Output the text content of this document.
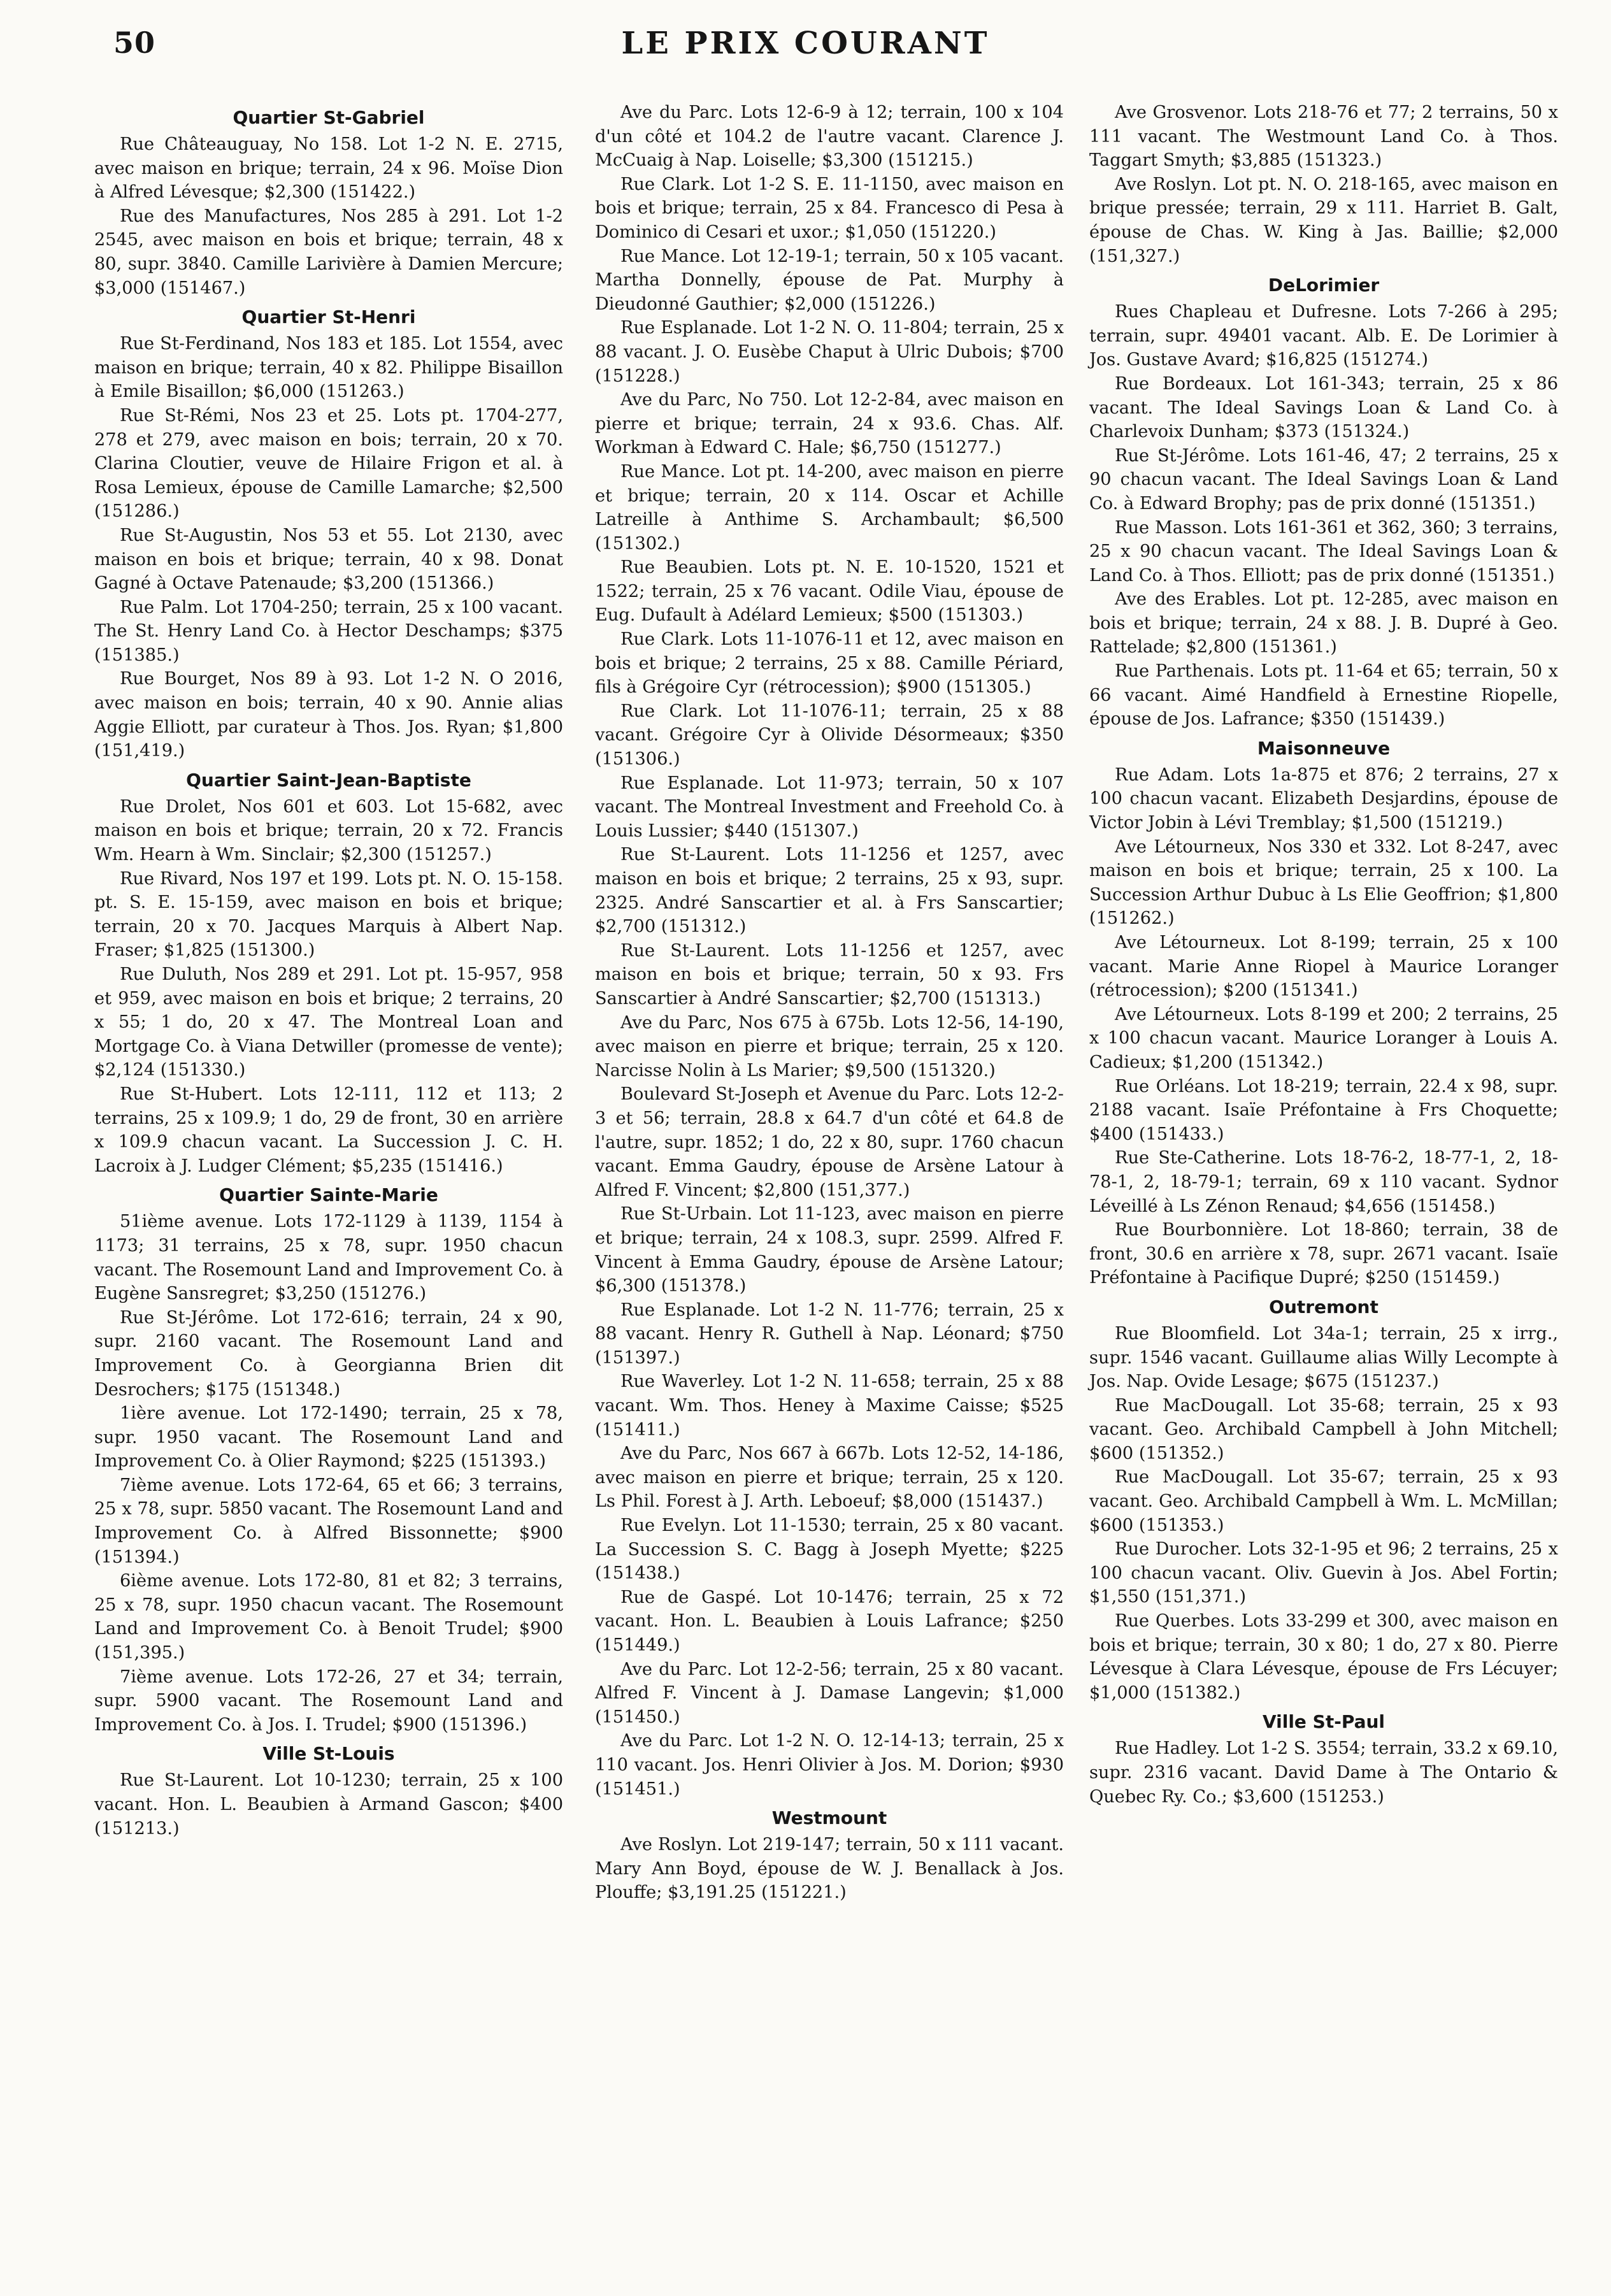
50	LE PRIX COURANT
Quartier St-Gabriel

Rue Châteauguay, No 158. Lot 1-2 N. E. 2715, avec maison en brique; terrain, 24 x 96. Moïse Dion à Alfred Lévesque; $2,300 (151422.)

Rue des Manufactures, Nos 285 à 291. Lot 1-2 2545, avec maison en bois et brique; terrain, 48 x 80, supr. 3840. Camille Larivière à Damien Mercure; $3,000 (151467.)

Quartier St-Henri

Rue St-Ferdinand, Nos 183 et 185. Lot 1554, avec maison en brique; terrain, 40 x 82. Philippe Bisaillon à Emile Bisaillon; $6,000 (151263.)

Rue St-Rémi, Nos 23 et 25. Lots pt. 1704-277, 278 et 279, avec maison en bois; terrain, 20 x 70. Clarina Cloutier, veuve de Hilaire Frigon et al. à Rosa Lemieux, épouse de Camille Lamarche; $2,500 (151286.)

Rue St-Augustin, Nos 53 et 55. Lot 2130, avec maison en bois et brique; terrain, 40 x 98. Donat Gagné à Octave Patenaude; $3,200 (151366.)

Rue Palm. Lot 1704-250; terrain, 25 x 100 vacant. The St. Henry Land Co. à Hector Deschamps; $375 (151385.)

Rue Bourget, Nos 89 à 93. Lot 1-2 N. O 2016, avec maison en bois; terrain, 40 x 90. Annie alias Aggie Elliott, par curateur à Thos. Jos. Ryan; $1,800 (151,419.)

Quartier Saint-Jean-Baptiste

Rue Drolet, Nos 601 et 603. Lot 15-682, avec maison en bois et brique; terrain, 20 x 72. Francis Wm. Hearn à Wm. Sinclair; $2,300 (151257.)

Rue Rivard, Nos 197 et 199. Lots pt. N. O. 15-158. pt. S. E. 15-159, avec maison en bois et brique; terrain, 20 x 70. Jacques Marquis à Albert Nap. Fraser; $1,825 (151300.)

Rue Duluth, Nos 289 et 291. Lot pt. 15-957, 958 et 959, avec maison en bois et brique; 2 terrains, 20 x 55; 1 do, 20 x 47. The Montreal Loan and Mortgage Co. à Viana Detwiller (promesse de vente); $2,124 (151330.)

Rue St-Hubert. Lots 12-111, 112 et 113; 2 terrains, 25 x 109.9; 1 do, 29 de front, 30 en arrière x 109.9 chacun vacant. La Succession J. C. H. Lacroix à J. Ludger Clément; $5,235 (151416.)

Quartier Sainte-Marie

51ième avenue. Lots 172-1129 à 1139, 1154 à 1173; 31 terrains, 25 x 78, supr. 1950 chacun vacant. The Rosemount Land and Improvement Co. à Eugène Sansregret; $3,250 (151276.)

Rue St-Jérôme. Lot 172-616; terrain, 24 x 90, supr. 2160 vacant. The Rosemount Land and Improvement Co. à Georgianna Brien dit Desrochers; $175 (151348.)

1ière avenue. Lot 172-1490; terrain, 25 x 78, supr. 1950 vacant. The Rosemount Land and Improvement Co. à Olier Raymond; $225 (151393.)

7ième avenue. Lots 172-64, 65 et 66; 3 terrains, 25 x 78, supr. 5850 vacant. The Rosemount Land and Improvement Co. à Alfred Bissonnette; $900 (151394.)

6ième avenue. Lots 172-80, 81 et 82; 3 terrains, 25 x 78, supr. 1950 chacun vacant. The Rosemount Land and Improvement Co. à Benoit Trudel; $900 (151,395.)

7ième avenue. Lots 172-26, 27 et 34; terrain, supr. 5900 vacant. The Rosemount Land and Improvement Co. à Jos. I. Trudel; $900 (151396.)

Ville St-Louis

Rue St-Laurent. Lot 10-1230; terrain, 25 x 100 vacant. Hon. L. Beaubien à Armand Gascon; $400 (151213.)

Ave du Parc. Lots 12-6-9 à 12; terrain, 100 x 104 d'un côté et 104.2 de l'autre vacant. Clarence J. McCuaig à Nap. Loiselle; $3,300 (151215.)

Rue Clark. Lot 1-2 S. E. 11-1150, avec maison en bois et brique; terrain, 25 x 84. Francesco di Pesa à Dominico di Cesari et uxor.; $1,050 (151220.)

Rue Mance. Lot 12-19-1; terrain, 50 x 105 vacant. Martha Donnelly, épouse de Pat. Murphy à Dieudonné Gauthier; $2,000 (151226.)

Rue Esplanade. Lot 1-2 N. O. 11-804; terrain, 25 x 88 vacant. J. O. Eusèbe Chaput à Ulric Dubois; $700 (151228.)

Ave du Parc, No 750. Lot 12-2-84, avec maison en pierre et brique; terrain, 24 x 93.6. Chas. Alf. Workman à Edward C. Hale; $6,750 (151277.)

Rue Mance. Lot pt. 14-200, avec maison en pierre et brique; terrain, 20 x 114. Oscar et Achille Latreille à Anthime S. Archambault; $6,500 (151302.)

Rue Beaubien. Lots pt. N. E. 10-1520, 1521 et 1522; terrain, 25 x 76 vacant. Odile Viau, épouse de Eug. Dufault à Adélard Lemieux; $500 (151303.)

Rue Clark. Lots 11-1076-11 et 12, avec maison en bois et brique; 2 terrains, 25 x 88. Camille Périard, fils à Grégoire Cyr (rétrocession); $900 (151305.)

Rue Clark. Lot 11-1076-11; terrain, 25 x 88 vacant. Grégoire Cyr à Olivide Désormeaux; $350 (151306.)

Rue Esplanade. Lot 11-973; terrain, 50 x 107 vacant. The Montreal Investment and Freehold Co. à Louis Lussier; $440 (151307.)

Rue St-Laurent. Lots 11-1256 et 1257, avec maison en bois et brique; 2 terrains, 25 x 93, supr. 2325. André Sanscartier et al. à Frs Sanscartier; $2,700 (151312.)

Rue St-Laurent. Lots 11-1256 et 1257, avec maison en bois et brique; terrain, 50 x 93. Frs Sanscartier à André Sanscartier; $2,700 (151313.)

Ave du Parc, Nos 675 à 675b. Lots 12-56, 14-190, avec maison en pierre et brique; terrain, 25 x 120. Narcisse Nolin à Ls Marier; $9,500 (151320.)

Boulevard St-Joseph et Avenue du Parc. Lots 12-2-3 et 56; terrain, 28.8 x 64.7 d'un côté et 64.8 de l'autre, supr. 1852; 1 do, 22 x 80, supr. 1760 chacun vacant. Emma Gaudry, épouse de Arsène Latour à Alfred F. Vincent; $2,800 (151,377.)

Rue St-Urbain. Lot 11-123, avec maison en pierre et brique; terrain, 24 x 108.3, supr. 2599. Alfred F. Vincent à Emma Gaudry, épouse de Arsène Latour; $6,300 (151378.)

Rue Esplanade. Lot 1-2 N. 11-776; terrain, 25 x 88 vacant. Henry R. Guthell à Nap. Léonard; $750 (151397.)

Rue Waverley. Lot 1-2 N. 11-658; terrain, 25 x 88 vacant. Wm. Thos. Heney à Maxime Caisse; $525 (151411.)

Ave du Parc, Nos 667 à 667b. Lots 12-52, 14-186, avec maison en pierre et brique; terrain, 25 x 120. Ls Phil. Forest à J. Arth. Leboeuf; $8,000 (151437.)

Rue Evelyn. Lot 11-1530; terrain, 25 x 80 vacant. La Succession S. C. Bagg à Joseph Myette; $225 (151438.)

Rue de Gaspé. Lot 10-1476; terrain, 25 x 72 vacant. Hon. L. Beaubien à Louis Lafrance; $250 (151449.)

Ave du Parc. Lot 12-2-56; terrain, 25 x 80 vacant. Alfred F. Vincent à J. Damase Langevin; $1,000 (151450.)

Ave du Parc. Lot 1-2 N. O. 12-14-13; terrain, 25 x 110 vacant. Jos. Henri Olivier à Jos. M. Dorion; $930 (151451.)

Westmount

Ave Roslyn. Lot 219-147; terrain, 50 x 111 vacant. Mary Ann Boyd, épouse de W. J. Benallack à Jos. Plouffe; $3,191.25 (151221.)

Ave Grosvenor. Lots 218-76 et 77; 2 terrains, 50 x 111 vacant. The Westmount Land Co. à Thos. Taggart Smyth; $3,885 (151323.)

Ave Roslyn. Lot pt. N. O. 218-165, avec maison en brique pressée; terrain, 29 x 111. Harriet B. Galt, épouse de Chas. W. King à Jas. Baillie; $2,000 (151,327.)

DeLorimier

Rues Chapleau et Dufresne. Lots 7-266 à 295; terrain, supr. 49401 vacant. Alb. E. De Lorimier à Jos. Gustave Avard; $16,825 (151274.)

Rue Bordeaux. Lot 161-343; terrain, 25 x 86 vacant. The Ideal Savings Loan & Land Co. à Charlevoix Dunham; $373 (151324.)

Rue St-Jérôme. Lots 161-46, 47; 2 terrains, 25 x 90 chacun vacant. The Ideal Savings Loan & Land Co. à Edward Brophy; pas de prix donné (151351.)

Rue Masson. Lots 161-361 et 362, 360; 3 terrains, 25 x 90 chacun vacant. The Ideal Savings Loan & Land Co. à Thos. Elliott; pas de prix donné (151351.)

Ave des Erables. Lot pt. 12-285, avec maison en bois et brique; terrain, 24 x 88. J. B. Dupré à Geo. Rattelade; $2,800 (151361.)

Rue Parthenais. Lots pt. 11-64 et 65; terrain, 50 x 66 vacant. Aimé Handfield à Ernestine Riopelle, épouse de Jos. Lafrance; $350 (151439.)

Maisonneuve

Rue Adam. Lots 1a-875 et 876; 2 terrains, 27 x 100 chacun vacant. Elizabeth Desjardins, épouse de Victor Jobin à Lévi Tremblay; $1,500 (151219.)

Ave Létourneux, Nos 330 et 332. Lot 8-247, avec maison en bois et brique; terrain, 25 x 100. La Succession Arthur Dubuc à Ls Elie Geoffrion; $1,800 (151262.)

Ave Létourneux. Lot 8-199; terrain, 25 x 100 vacant. Marie Anne Riopel à Maurice Loranger (rétrocession); $200 (151341.)

Ave Létourneux. Lots 8-199 et 200; 2 terrains, 25 x 100 chacun vacant. Maurice Loranger à Louis A. Cadieux; $1,200 (151342.)

Rue Orléans. Lot 18-219; terrain, 22.4 x 98, supr. 2188 vacant. Isaïe Préfontaine à Frs Choquette; $400 (151433.)

Rue Ste-Catherine. Lots 18-76-2, 18-77-1, 2, 18-78-1, 2, 18-79-1; terrain, 69 x 110 vacant. Sydnor Léveillé à Ls Zénon Renaud; $4,656 (151458.)

Rue Bourbonnière. Lot 18-860; terrain, 38 de front, 30.6 en arrière x 78, supr. 2671 vacant. Isaïe Préfontaine à Pacifique Dupré; $250 (151459.)

Outremont

Rue Bloomfield. Lot 34a-1; terrain, 25 x irrg., supr. 1546 vacant. Guillaume alias Willy Lecompte à Jos. Nap. Ovide Lesage; $675 (151237.)

Rue MacDougall. Lot 35-68; terrain, 25 x 93 vacant. Geo. Archibald Campbell à John Mitchell; $600 (151352.)

Rue MacDougall. Lot 35-67; terrain, 25 x 93 vacant. Geo. Archibald Campbell à Wm. L. McMillan; $600 (151353.)

Rue Durocher. Lots 32-1-95 et 96; 2 terrains, 25 x 100 chacun vacant. Oliv. Guevin à Jos. Abel Fortin; $1,550 (151,371.)

Rue Querbes. Lots 33-299 et 300, avec maison en bois et brique; terrain, 30 x 80; 1 do, 27 x 80. Pierre Lévesque à Clara Lévesque, épouse de Frs Lécuyer; $1,000 (151382.)

Ville St-Paul

Rue Hadley. Lot 1-2 S. 3554; terrain, 33.2 x 69.10, supr. 2316 vacant. David Dame à The Ontario & Quebec Ry. Co.; $3,600 (151253.)
